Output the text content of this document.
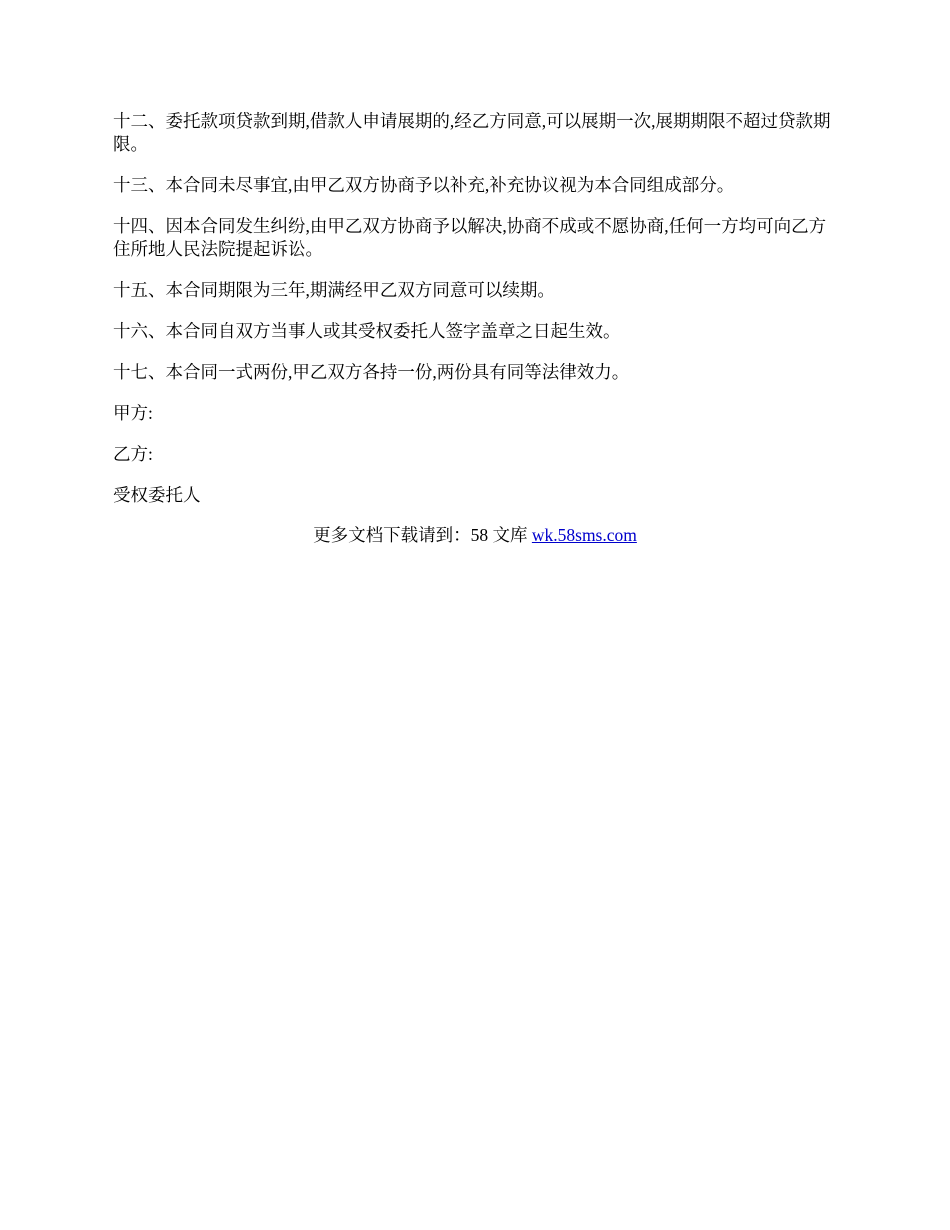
十二、委托款项贷款到期,借款人申请展期的,经乙方同意,可以展期一次,展期期限不超过贷款期限。

十三、本合同未尽事宜,由甲乙双方协商予以补充,补充协议视为本合同组成部分。

十四、因本合同发生纠纷,由甲乙双方协商予以解决,协商不成或不愿协商,任何一方均可向乙方住所地人民法院提起诉讼。

十五、本合同期限为三年,期满经甲乙双方同意可以续期。

十六、本合同自双方当事人或其受权委托人签字盖章之日起生效。

十七、本合同一式两份,甲乙双方各持一份,两份具有同等法律效力。

甲方:

乙方:

受权委托人

更多文档下载请到：58 文库 wk.58sms.com
